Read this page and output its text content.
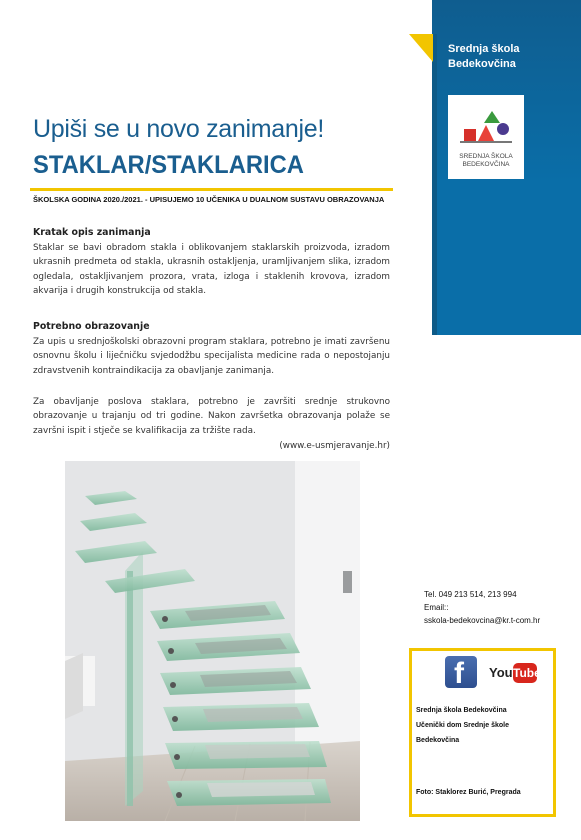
Srednja škola
Bedekovčina
SREDNJA ŠKOLA
BEDEKOVČINA
Upiši se u novo zanimanje!
STAKLAR/STAKLARICA
ŠKOLSKA GODINA 2020./2021. - UPISUJEMO 10 UČENIKA U DUALNOM SUSTAVU OBRAZOVANJA
Kratak opis zanimanja
Staklar se bavi obradom stakla i oblikovanjem staklarskih proizvoda, izradom ukrasnih predmeta od stakla, ukrasnih ostakljenja, uramljivanjem slika, izradom ogledala, ostakljivanjem prozora, vrata, izloga i staklenih krovova, izradom akvarija i drugih konstrukcija od stakla.
Potrebno obrazovanje
Za upis u srednjoškolski obrazovni program staklara, potrebno je imati završenu osnovnu školu i liječničku svjedodžbu specijalista medicine rada o nepostojanju zdravstvenih kontraindikacija za obavljanje zanimanja.
Za obavljanje poslova staklara, potrebno je završiti srednje strukovno obrazovanje u trajanju od tri godine. Nakon završetka obrazovanja polaže se završni ispit i stječe se kvalifikacija za tržište rada.
(www.e-usmjeravanje.hr)
Tel. 049 213 514, 213 994
Email::
sskola-bedekovcina@kr.t-com.hr
f You Tube
Srednja škola Bedekovčina
Učenički dom Srednje škole
Bedekovčina
Foto: Staklorez Burić, Pregrada
